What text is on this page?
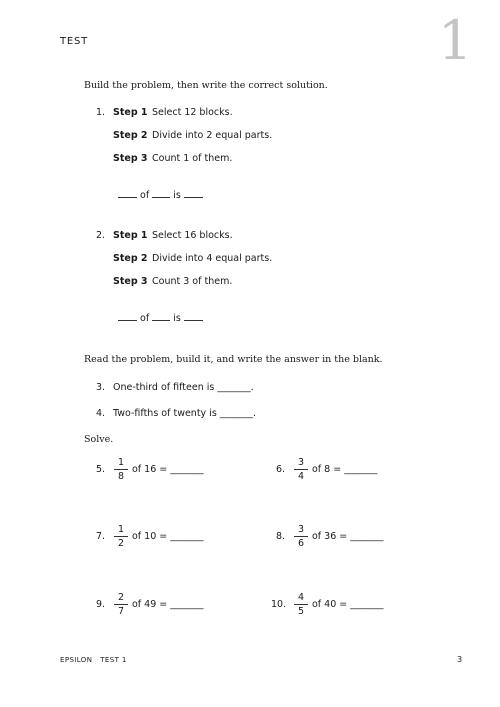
TEST	1
Build the problem, then write the correct solution.
1. Step 1 Select 12 blocks.
Step 2 Divide into 2 equal parts.
Step 3 Count 1 of them.
of	is
2. Step 1 Select 16 blocks.
Step 2 Divide into 4 equal parts.
Step 3 Count 3 of them.
of	is
Read the problem, build it, and write the answer in the blank.
3. One-third of fifteen is _______.
4. Two-fifths of twenty is _______.
Solve.
5.
1
8
of 16 = _______	6.
3
4
of 8 = _______
7.
1
2
of 10 = _______	8.
3
6
of 36 = _______
9.
2
7
of 49 = _______	10.
4
5
of 40 = _______
EPSILON   TEST 1	3
